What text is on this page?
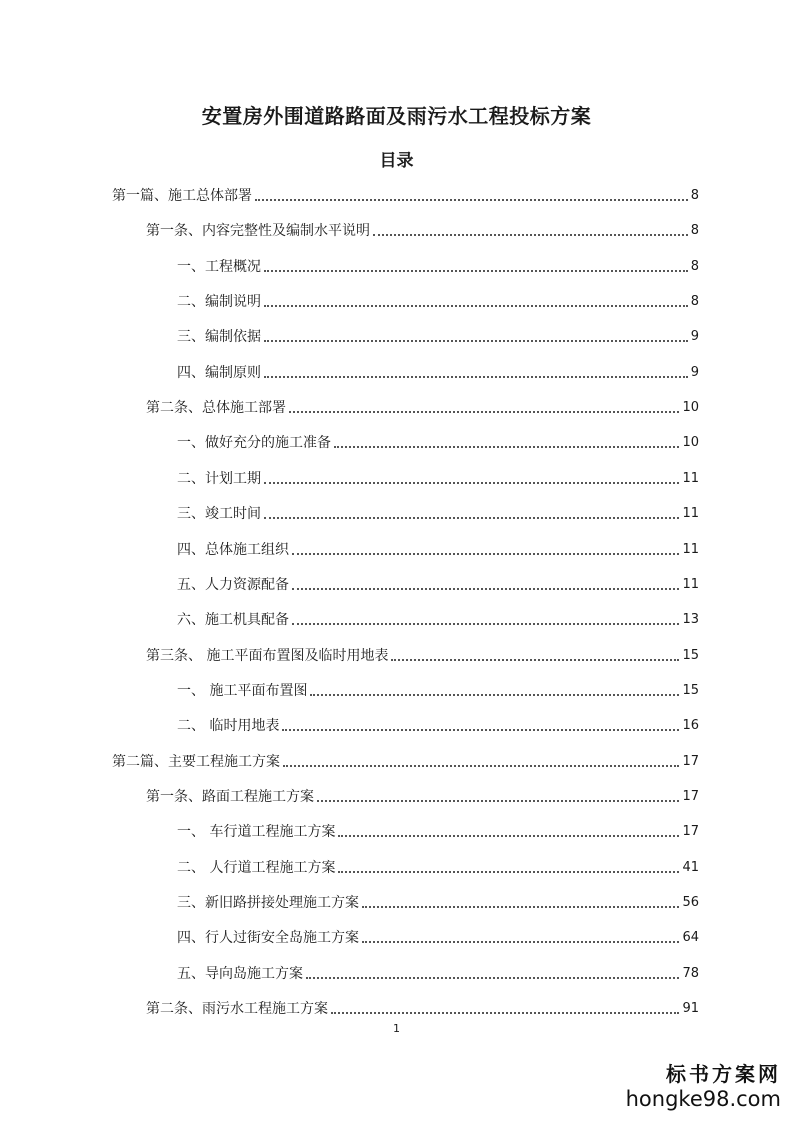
安置房外围道路路面及雨污水工程投标方案
目录
第一篇、施工总体部署	8
第一条、内容完整性及编制水平说明	8
一、工程概况	8
二、编制说明	8
三、编制依据	9
四、编制原则	9
第二条、总体施工部署	10
一、做好充分的施工准备	10
二、计划工期	11
三、竣工时间	11
四、总体施工组织	11
五、人力资源配备	11
六、施工机具配备	13
第三条、 施工平面布置图及临时用地表	15
一、 施工平面布置图	15
二、 临时用地表	16
第二篇、主要工程施工方案	17
第一条、路面工程施工方案	17
一、 车行道工程施工方案	17
二、 人行道工程施工方案	41
三、新旧路拼接处理施工方案	56
四、行人过街安全岛施工方案	64
五、导向岛施工方案	78
第二条、雨污水工程施工方案	91
1
标书方案网
hongke98.com
